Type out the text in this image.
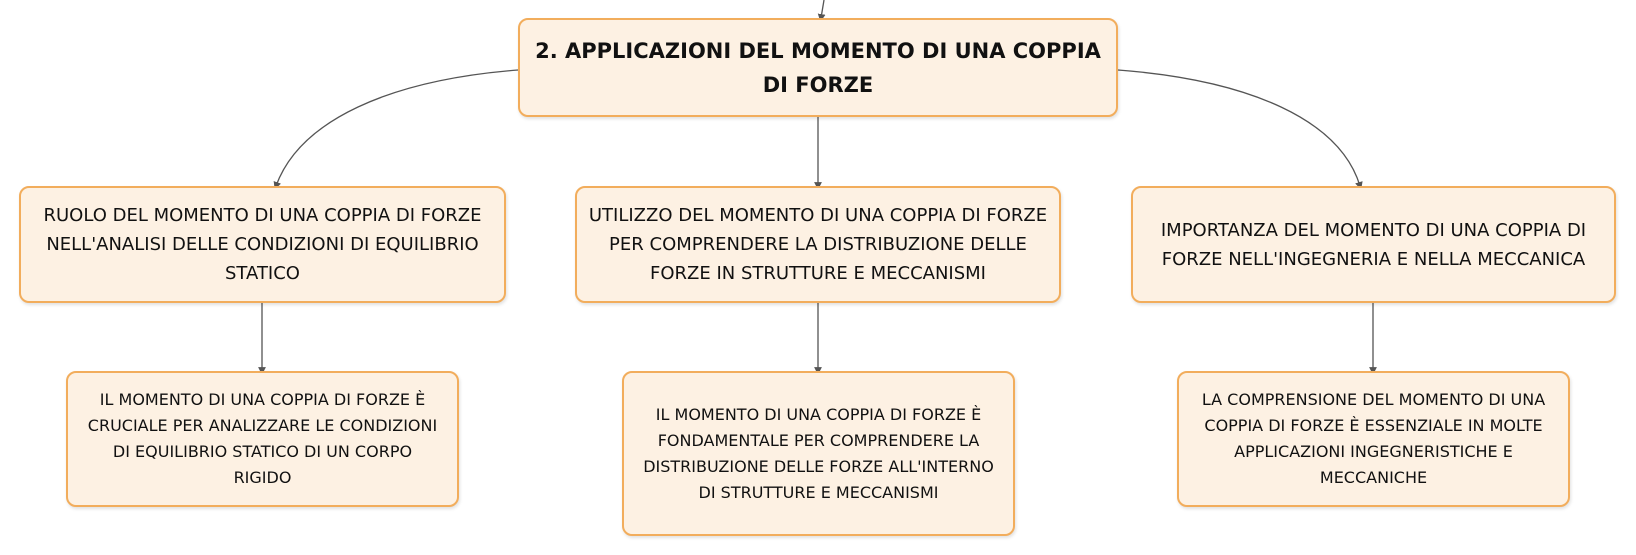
2. APPLICAZIONI DEL MOMENTO DI UNA COPPIA DI FORZE
RUOLO DEL MOMENTO DI UNA COPPIA DI FORZE NELL'ANALISI DELLE CONDIZIONI DI EQUILIBRIO STATICO
UTILIZZO DEL MOMENTO DI UNA COPPIA DI FORZE PER COMPRENDERE LA DISTRIBUZIONE DELLE FORZE IN STRUTTURE E MECCANISMI
IMPORTANZA DEL MOMENTO DI UNA COPPIA DI FORZE NELL'INGEGNERIA E NELLA MECCANICA
IL MOMENTO DI UNA COPPIA DI FORZE È CRUCIALE PER ANALIZZARE LE CONDIZIONI DI EQUILIBRIO STATICO DI UN CORPO RIGIDO
IL MOMENTO DI UNA COPPIA DI FORZE È FONDAMENTALE PER COMPRENDERE LA DISTRIBUZIONE DELLE FORZE ALL'INTERNO DI STRUTTURE E MECCANISMI
LA COMPRENSIONE DEL MOMENTO DI UNA COPPIA DI FORZE È ESSENZIALE IN MOLTE APPLICAZIONI INGEGNERISTICHE E MECCANICHE
